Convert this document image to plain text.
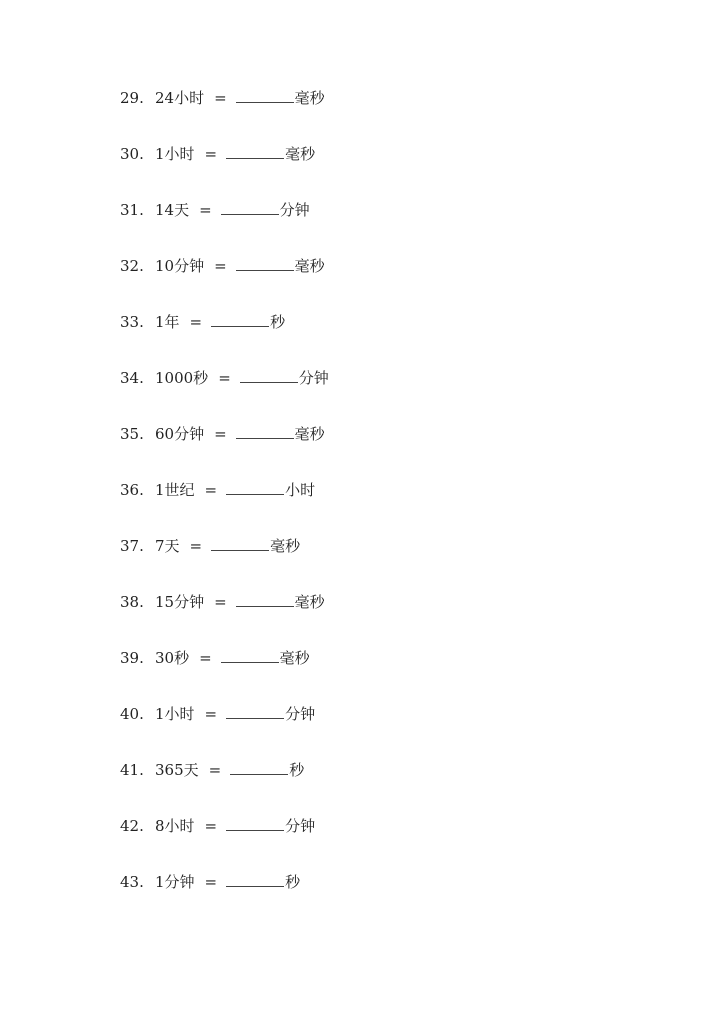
29. 24小时 =	毫秒
30. 1小时 =	毫秒
31. 14天 =	分钟
32. 10分钟 =	毫秒
33. 1年 =	秒
34. 1000秒 =	分钟
35. 60分钟 =	毫秒
36. 1世纪 =	小时
37. 7天 =	毫秒
38. 15分钟 =	毫秒
39. 30秒 =	毫秒
40. 1小时 =	分钟
41. 365天 =	秒
42. 8小时 =	分钟
43. 1分钟 =	秒
